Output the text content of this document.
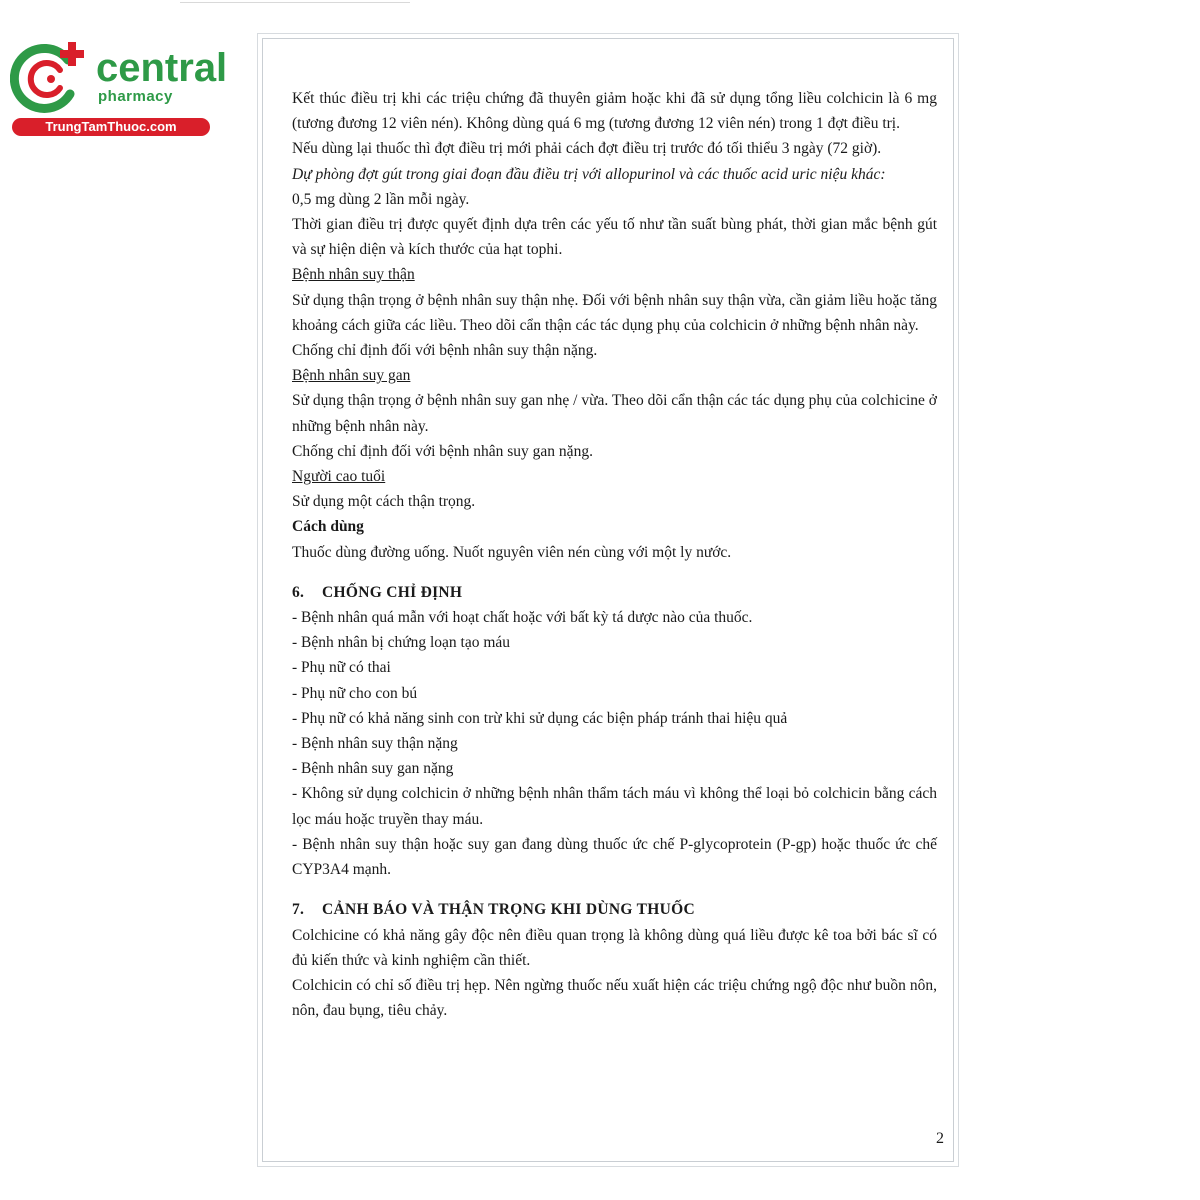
central
pharmacy
TrungTamThuoc.com

Kết thúc điều trị khi các triệu chứng đã thuyên giảm hoặc khi đã sử dụng tổng liều colchicin là 6 mg (tương đương 12 viên nén). Không dùng quá 6 mg (tương đương 12 viên nén) trong 1 đợt điều trị.

Nếu dùng lại thuốc thì đợt điều trị mới phải cách đợt điều trị trước đó tối thiểu 3 ngày (72 giờ).

Dự phòng đợt gút trong giai đoạn đầu điều trị với allopurinol và các thuốc acid uric niệu khác:

0,5 mg dùng 2 lần mỗi ngày.

Thời gian điều trị được quyết định dựa trên các yếu tố như tần suất bùng phát, thời gian mắc bệnh gút và sự hiện diện và kích thước của hạt tophi.

Bệnh nhân suy thận

Sử dụng thận trọng ở bệnh nhân suy thận nhẹ. Đối với bệnh nhân suy thận vừa, cần giảm liều hoặc tăng khoảng cách giữa các liều. Theo dõi cẩn thận các tác dụng phụ của colchicin ở những bệnh nhân này.

Chống chỉ định đối với bệnh nhân suy thận nặng.

Bệnh nhân suy gan

Sử dụng thận trọng ở bệnh nhân suy gan nhẹ / vừa. Theo dõi cẩn thận các tác dụng phụ của colchicine ở những bệnh nhân này.

Chống chỉ định đối với bệnh nhân suy gan nặng.

Người cao tuổi

Sử dụng một cách thận trọng.

Cách dùng

Thuốc dùng đường uống. Nuốt nguyên viên nén cùng với một ly nước.

6. CHỐNG CHỈ ĐỊNH

- Bệnh nhân quá mẫn với hoạt chất hoặc với bất kỳ tá dược nào của thuốc.

- Bệnh nhân bị chứng loạn tạo máu

- Phụ nữ có thai

- Phụ nữ cho con bú

- Phụ nữ có khả năng sinh con trừ khi sử dụng các biện pháp tránh thai hiệu quả

- Bệnh nhân suy thận nặng

- Bệnh nhân suy gan nặng

- Không sử dụng colchicin ở những bệnh nhân thẩm tách máu vì không thể loại bỏ colchicin bằng cách lọc máu hoặc truyền thay máu.

- Bệnh nhân suy thận hoặc suy gan đang dùng thuốc ức chế P-glycoprotein (P-gp) hoặc thuốc ức chế CYP3A4 mạnh.

7. CẢNH BÁO VÀ THẬN TRỌNG KHI DÙNG THUỐC

Colchicine có khả năng gây độc nên điều quan trọng là không dùng quá liều được kê toa bởi bác sĩ có đủ kiến thức và kinh nghiệm cần thiết.

Colchicin có chỉ số điều trị hẹp. Nên ngừng thuốc nếu xuất hiện các triệu chứng ngộ độc như buồn nôn, nôn, đau bụng, tiêu chảy.

2
